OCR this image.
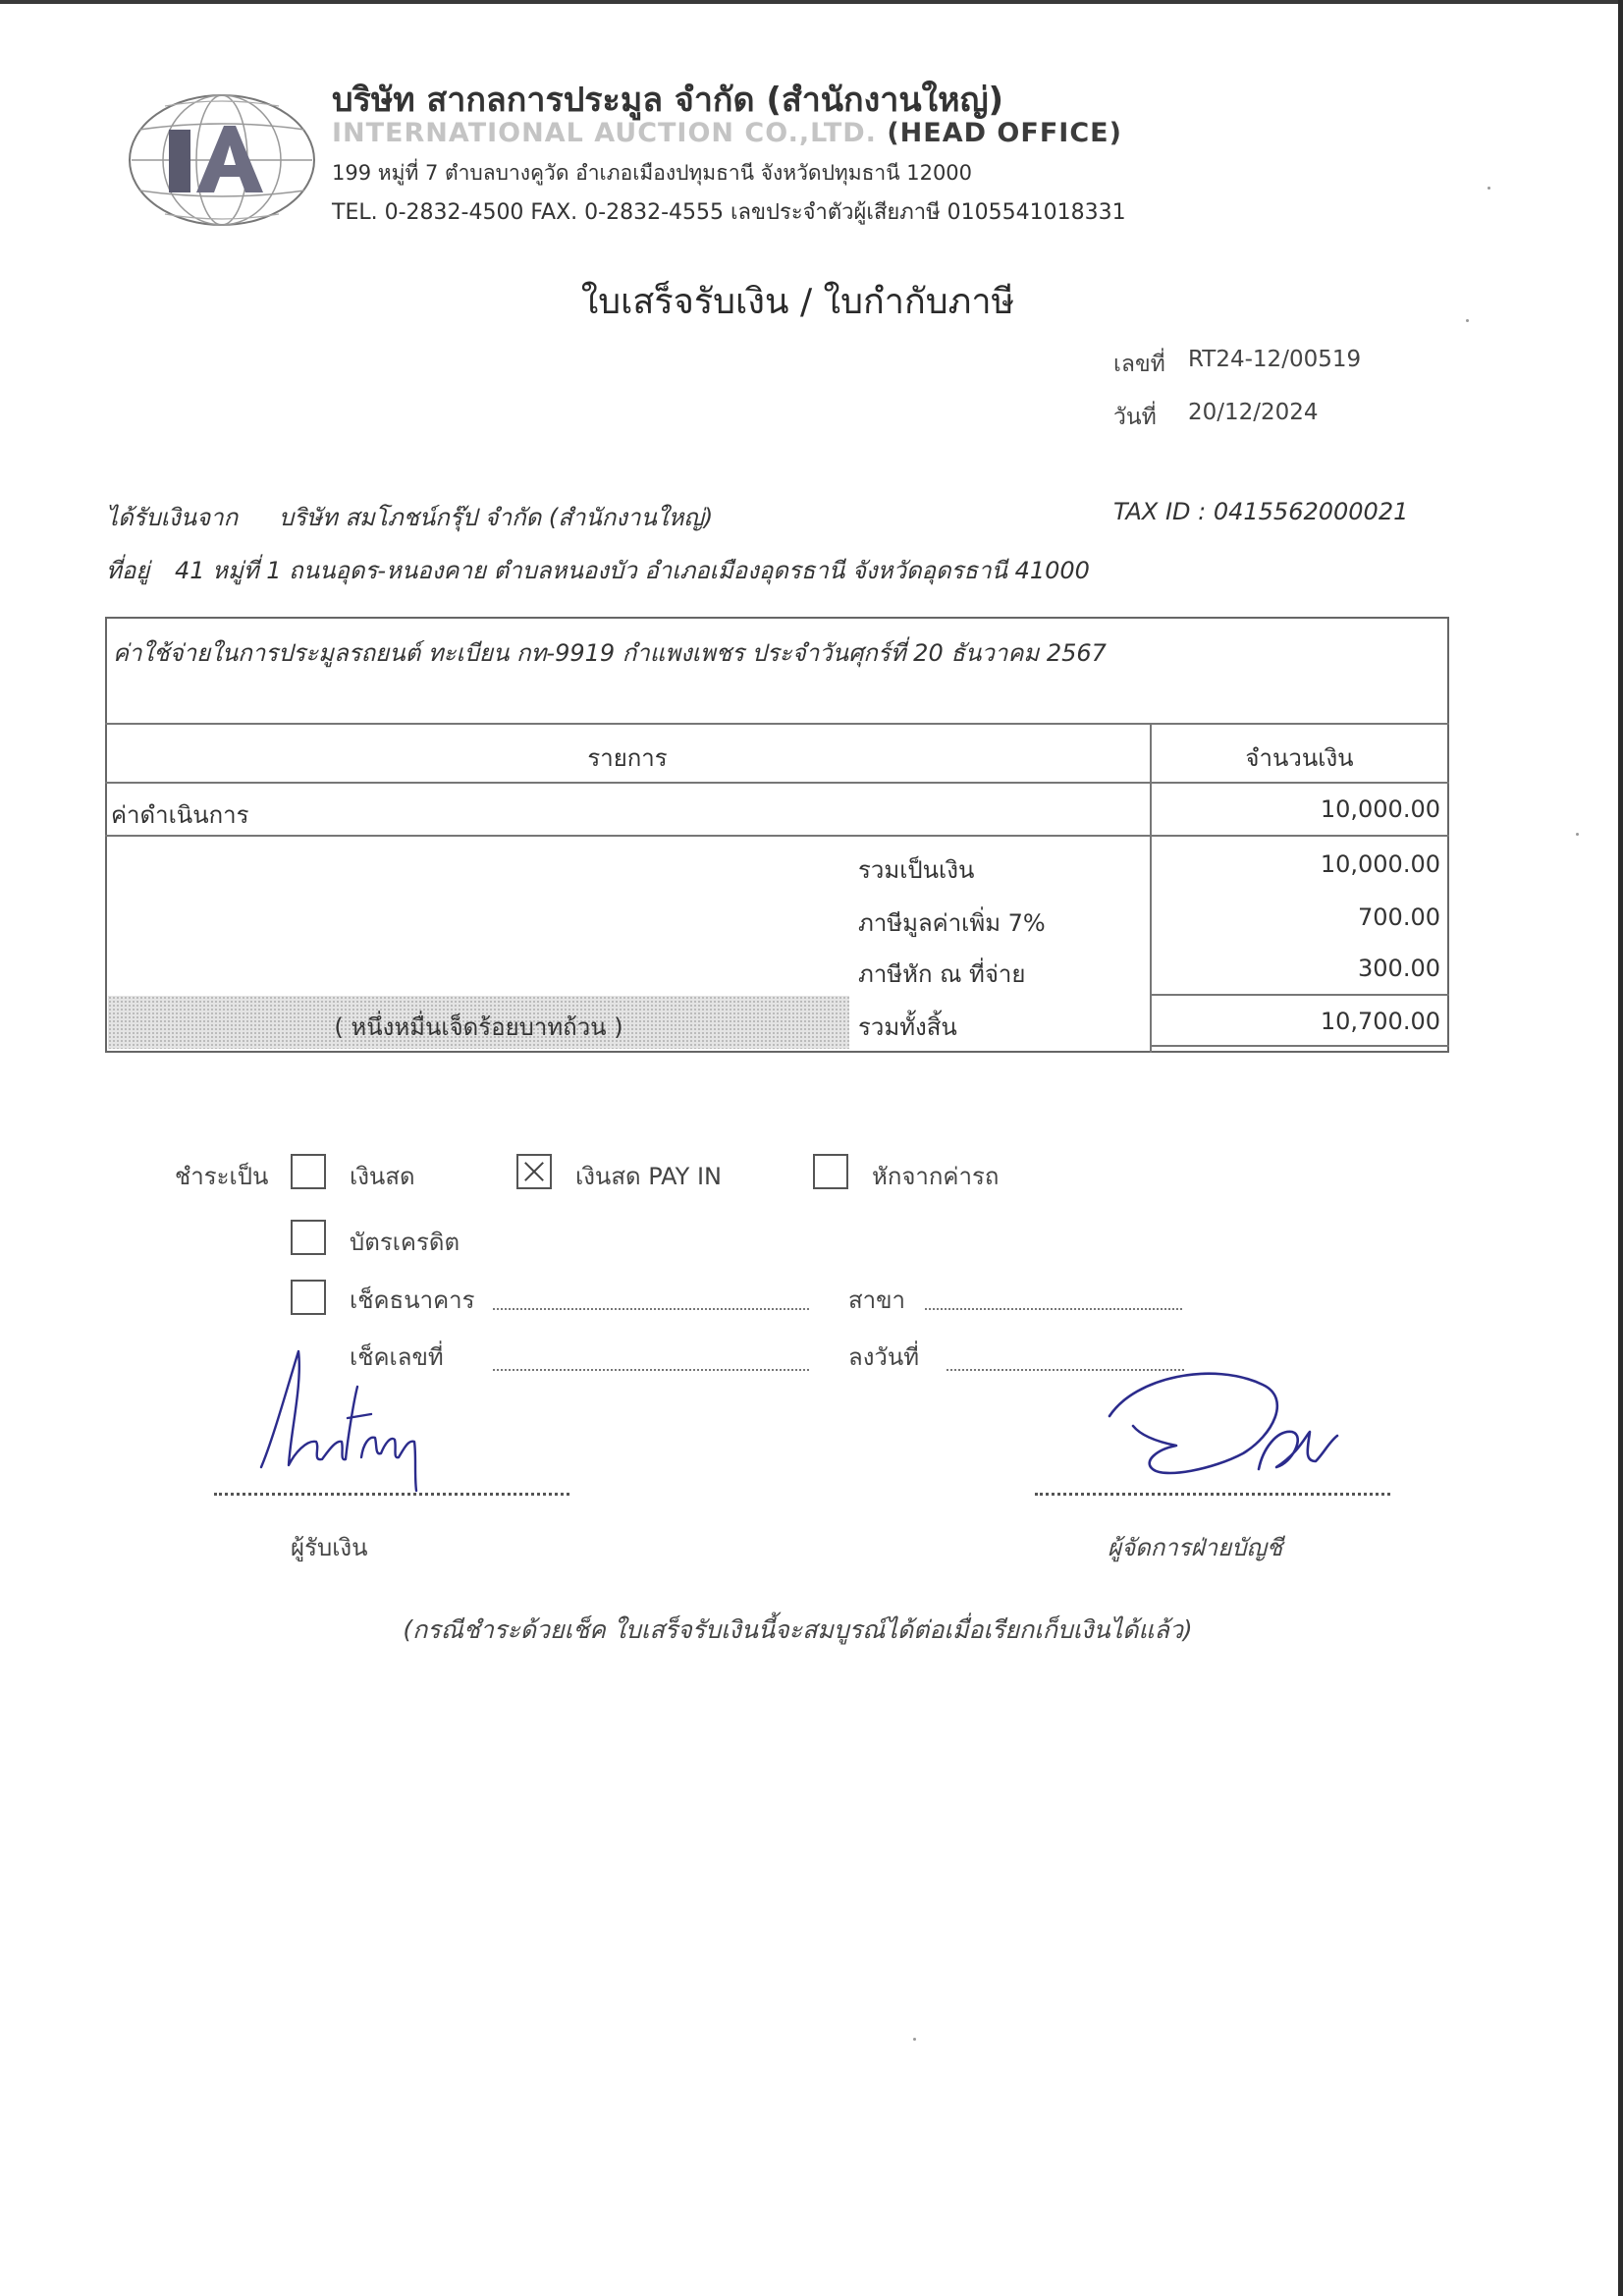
บริษัท สากลการประมูล จำกัด (สำนักงานใหญ่)
INTERNATIONAL AUCTION CO.,LTD. (HEAD OFFICE)
199 หมู่ที่ 7 ตำบลบางคูวัด อำเภอเมืองปทุมธานี จังหวัดปทุมธานี 12000
TEL. 0-2832-4500 FAX. 0-2832-4555 เลขประจำตัวผู้เสียภาษี 0105541018331
ใบเสร็จรับเงิน / ใบกำกับภาษี
เลขที่ RT24-12/00519
วันที่ 20/12/2024
ได้รับเงินจาก บริษัท สมโภชน์กรุ๊ป จำกัด (สำนักงานใหญ่)	TAX ID : 0415562000021
ที่อยู่ 41 หมู่ที่ 1 ถนนอุดร-หนองคาย ตำบลหนองบัว อำเภอเมืองอุดรธานี จังหวัดอุดรธานี 41000
ค่าใช้จ่ายในการประมูลรถยนต์ ทะเบียน กท-9919 กำแพงเพชร ประจำวันศุกร์ที่ 20 ธันวาคม 2567
รายการ	จำนวนเงิน
ค่าดำเนินการ	10,000.00
รวมเป็นเงิน	10,000.00
ภาษีมูลค่าเพิ่ม 7%	700.00
ภาษีหัก ณ ที่จ่าย	300.00
( หนึ่งหมื่นเจ็ดร้อยบาทถ้วน )	รวมทั้งสิ้น	10,700.00
ชำระเป็น	เงินสด	เงินสด PAY IN	หักจากค่ารถ
บัตรเครดิต
เช็คธนาคาร	สาขา
เช็คเลขที่	ลงวันที่
ผู้รับเงิน	ผู้จัดการฝ่ายบัญชี
(กรณีชำระด้วยเช็ค ใบเสร็จรับเงินนี้จะสมบูรณ์ได้ต่อเมื่อเรียกเก็บเงินได้แล้ว)
